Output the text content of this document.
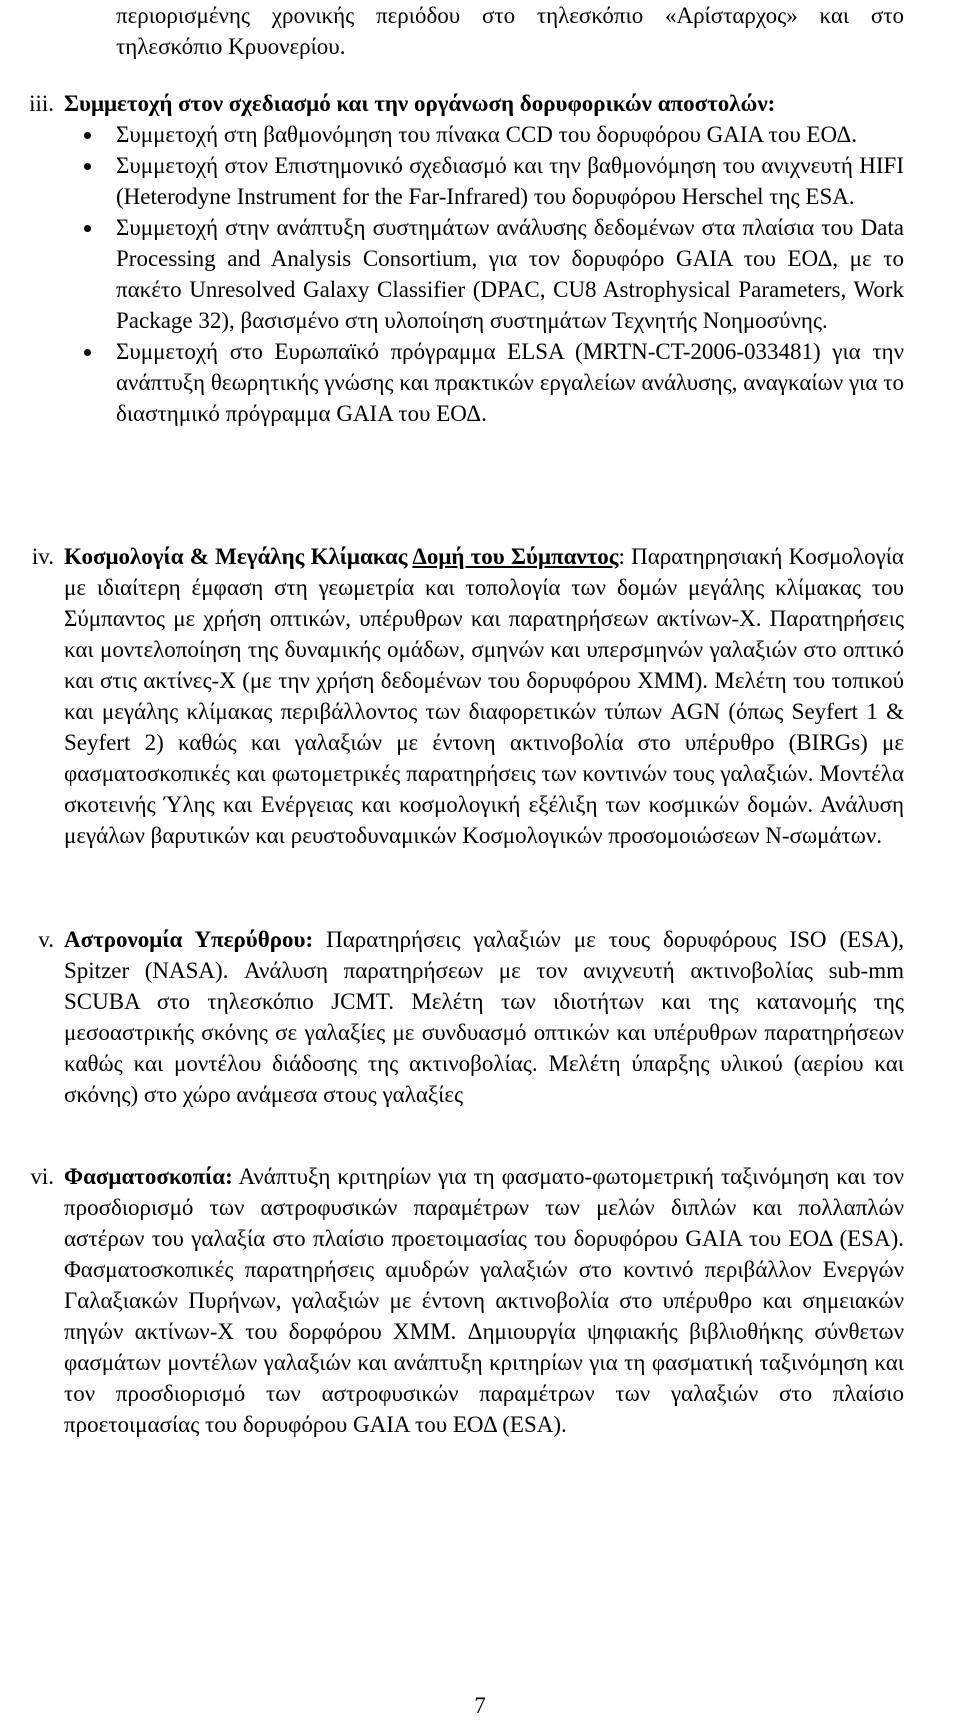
περιορισμένης χρονικής περιόδου στο τηλεσκόπιο «Αρίσταρχος» και στο τηλεσκόπιο Κρυονερίου.

iii. Συμμετοχή στον σχεδιασμό και την οργάνωση δορυφορικών αποστολών:
Συμμετοχή στη βαθμονόμηση του πίνακα CCD του δορυφόρου GAIA του ΕΟΔ.
Συμμετοχή στον Επιστημονικό σχεδιασμό και την βαθμονόμηση του ανιχνευτή HIFI (Heterodyne Instrument for the Far-Infrared) του δορυφόρου Herschel της ESA.
Συμμετοχή στην ανάπτυξη συστημάτων ανάλυσης δεδομένων στα πλαίσια του Data Processing and Analysis Consortium, για τον δορυφόρο GAIA του ΕΟΔ, με το πακέτο Unresolved Galaxy Classifier (DPAC, CU8 Astrophysical Parameters, Work Package 32), βασισμένο στη υλοποίηση συστημάτων Τεχνητής Νοημοσύνης.
Συμμετοχή στο Ευρωπαϊκό πρόγραμμα ELSA (MRTN-CT-2006-033481) για την ανάπτυξη θεωρητικής γνώσης και πρακτικών εργαλείων ανάλυσης, αναγκαίων για το διαστημικό πρόγραμμα GAIA του ΕΟΔ.
iv. Κοσμολογία & Μεγάλης Κλίμακας Δομή του Σύμπαντος: Παρατηρησιακή Κοσμολογία με ιδιαίτερη έμφαση στη γεωμετρία και τοπολογία των δομών μεγάλης κλίμακας του Σύμπαντος με χρήση οπτικών, υπέρυθρων και παρατηρήσεων ακτίνων-Χ. Παρατηρήσεις και μοντελοποίηση της δυναμικής ομάδων, σμηνών και υπερσμηνών γαλαξιών στο οπτικό και στις ακτίνες-Χ (με την χρήση δεδομένων του δορυφόρου XMM). Μελέτη του τοπικού και μεγάλης κλίμακας περιβάλλοντος των διαφορετικών τύπων AGN (όπως Seyfert 1 & Seyfert 2) καθώς και γαλαξιών με έντονη ακτινοβολία στο υπέρυθρο (BIRGs) με φασματοσκοπικές και φωτομετρικές παρατηρήσεις των κοντινών τους γαλαξιών. Μοντέλα σκοτεινής Ύλης και Ενέργειας και κοσμολογική εξέλιξη των κοσμικών δομών. Ανάλυση μεγάλων βαρυτικών και ρευστοδυναμικών Κοσμολογικών προσομοιώσεων N-σωμάτων.

v. Αστρονομία Υπερύθρου: Παρατηρήσεις γαλαξιών με τους δορυφόρους ISO (ESA), Spitzer (NASA). Ανάλυση παρατηρήσεων με τον ανιχνευτή ακτινοβολίας sub-mm SCUBA στο τηλεσκόπιο JCMT. Μελέτη των ιδιοτήτων και της κατανομής της μεσοαστρικής σκόνης σε γαλαξίες με συνδυασμό οπτικών και υπέρυθρων παρατηρήσεων καθώς και μοντέλου διάδοσης της ακτινοβολίας. Μελέτη ύπαρξης υλικού (αερίου και σκόνης) στο χώρο ανάμεσα στους γαλαξίες

vi. Φασματοσκοπία: Ανάπτυξη κριτηρίων για τη φασματο-φωτομετρική ταξινόμηση και τον προσδιορισμό των αστροφυσικών παραμέτρων των μελών διπλών και πολλαπλών αστέρων του γαλαξία στο πλαίσιο προετοιμασίας του δορυφόρου GAIA του ΕΟΔ (ESA). Φασματοσκοπικές παρατηρήσεις αμυδρών γαλαξιών στο κοντινό περιβάλλον Ενεργών Γαλαξιακών Πυρήνων, γαλαξιών με έντονη ακτινοβολία στο υπέρυθρο και σημειακών πηγών ακτίνων-Χ του δορφόρου XMM. Δημιουργία ψηφιακής βιβλιοθήκης σύνθετων φασμάτων μοντέλων γαλαξιών και ανάπτυξη κριτηρίων για τη φασματική ταξινόμηση και τον προσδιορισμό των αστροφυσικών παραμέτρων των γαλαξιών στο πλαίσιο προετοιμασίας του δορυφόρου GAIA του ΕΟΔ (ESA).

7
